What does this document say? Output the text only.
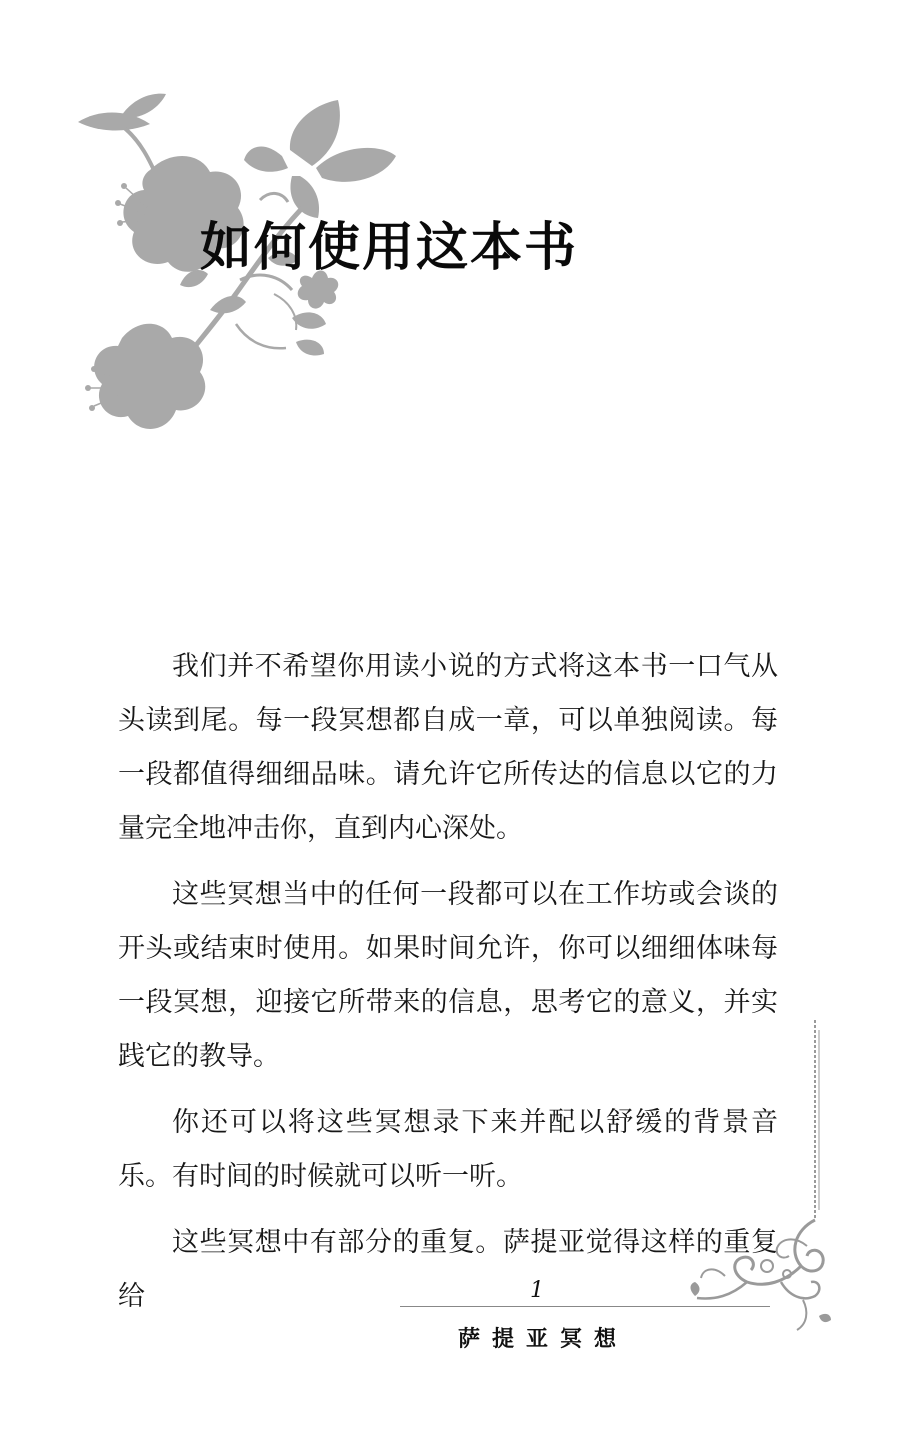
如何使用这本书

我们并不希望你用读小说的方式将这本书一口气从头读到尾。每一段冥想都自成一章，可以单独阅读。每一段都值得细细品味。请允许它所传达的信息以它的力量完全地冲击你，直到内心深处。

这些冥想当中的任何一段都可以在工作坊或会谈的开头或结束时使用。如果时间允许，你可以细细体味每一段冥想，迎接它所带来的信息，思考它的意义，并实践它的教导。

你还可以将这些冥想录下来并配以舒缓的背景音乐。有时间的时候就可以听一听。

这些冥想中有部分的重复。萨提亚觉得这样的重复给	1
萨提亚冥想
